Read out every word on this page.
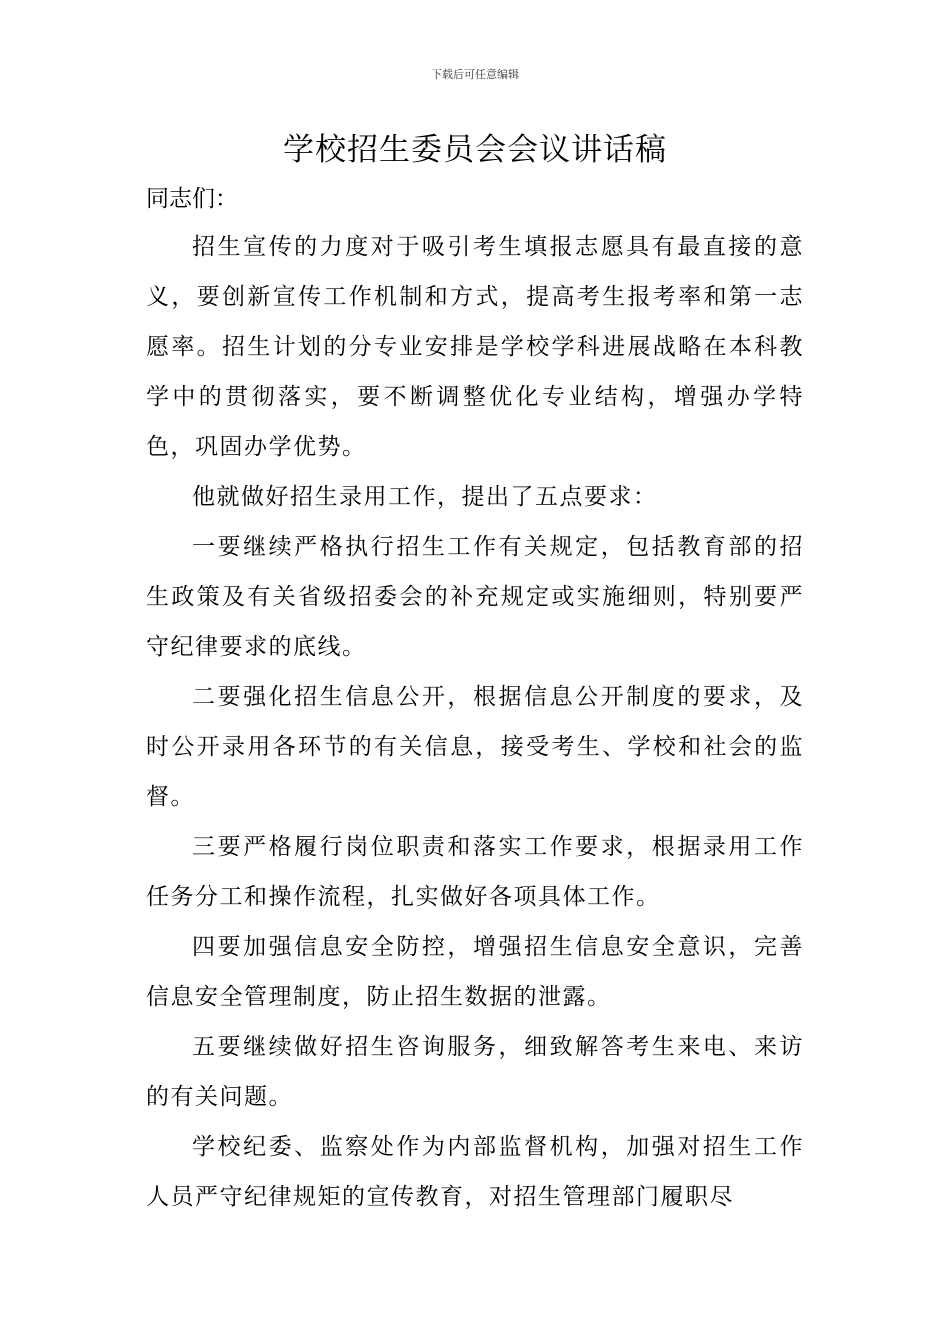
下载后可任意编辑
学校招生委员会会议讲话稿
同志们：

招生宣传的力度对于吸引考生填报志愿具有最直接的意义，要创新宣传工作机制和方式，提高考生报考率和第一志愿率。招生计划的分专业安排是学校学科进展战略在本科教学中的贯彻落实，要不断调整优化专业结构，增强办学特色，巩固办学优势。

他就做好招生录用工作，提出了五点要求：

一要继续严格执行招生工作有关规定，包括教育部的招生政策及有关省级招委会的补充规定或实施细则，特别要严守纪律要求的底线。

二要强化招生信息公开，根据信息公开制度的要求，及时公开录用各环节的有关信息，接受考生、学校和社会的监督。

三要严格履行岗位职责和落实工作要求，根据录用工作任务分工和操作流程，扎实做好各项具体工作。

四要加强信息安全防控，增强招生信息安全意识，完善信息安全管理制度，防止招生数据的泄露。

五要继续做好招生咨询服务，细致解答考生来电、来访的有关问题。

学校纪委、监察处作为内部监督机构，加强对招生工作人员严守纪律规矩的宣传教育，对招生管理部门履职尽
